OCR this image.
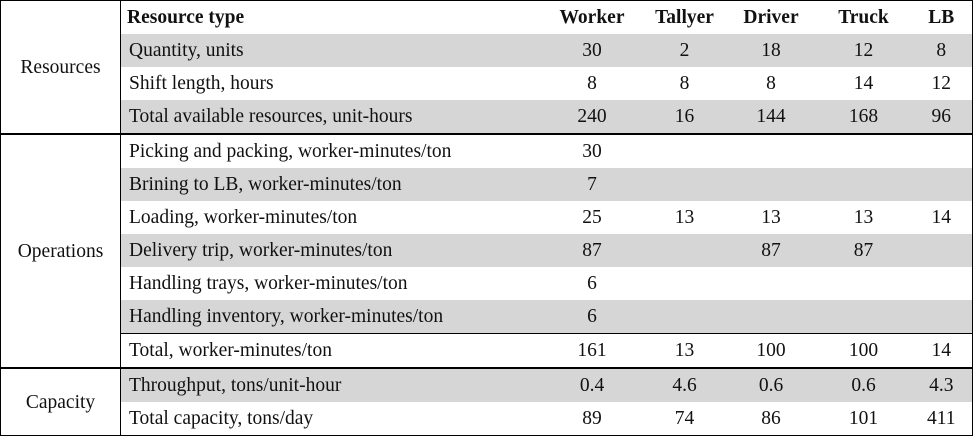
	Resource type	Worker	Tallyer	Driver	Truck	LB
Resources	Quantity, units	30	2	18	12	8
	Shift length, hours	8	8	8	14	12
	Total available resources, unit-hours	240	16	144	168	96
Operations	Picking and packing, worker-minutes/ton	30				
	Brining to LB, worker-minutes/ton	7				
	Loading, worker-minutes/ton	25	13	13	13	14
	Delivery trip, worker-minutes/ton	87		87	87	
	Handling trays, worker-minutes/ton	6				
	Handling inventory, worker-minutes/ton	6				
	Total, worker-minutes/ton	161	13	100	100	14
Capacity	Throughput, tons/unit-hour	0.4	4.6	0.6	0.6	4.3
	Total capacity, tons/day	89	74	86	101	411
